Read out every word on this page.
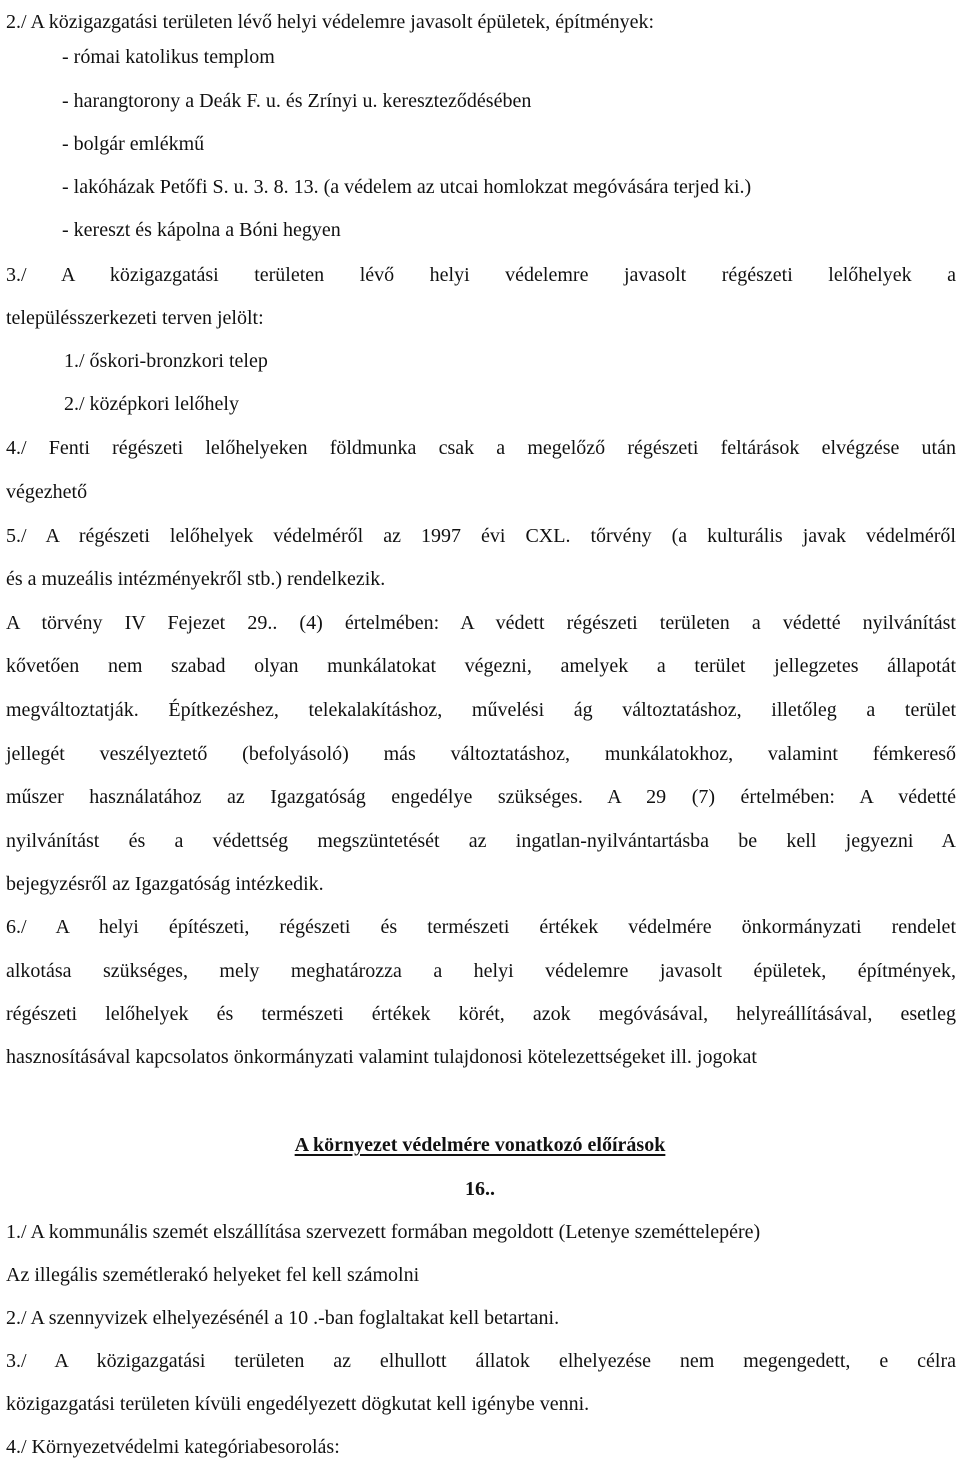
2./ A közigazgatási területen lévő helyi védelemre javasolt épületek, építmények:
- római katolikus templom
- harangtorony a Deák F. u. és Zrínyi u. kereszteződésében
- bolgár emlékmű
- lakóházak Petőfi S. u. 3. 8. 13. (a védelem az utcai homlokzat megóvására terjed ki.)
- kereszt és kápolna a Bóni hegyen
3./ A közigazgatási területen lévő helyi védelemre javasolt régészeti lelőhelyek a
településszerkezeti terven jelölt:
1./ őskori-bronzkori telep
2./ középkori lelőhely
4./ Fenti régészeti lelőhelyeken földmunka csak a megelőző régészeti feltárások elvégzése után
végezhető
5./ A régészeti lelőhelyek védelméről az 1997 évi CXL. tőrvény (a kulturális javak védelméről
és a muzeális intézményekről stb.) rendelkezik.
A törvény IV Fejezet 29.. (4) értelmében: A védett régészeti területen a védetté nyilvánítást
kővetően nem szabad olyan munkálatokat végezni, amelyek a terület jellegzetes állapotát
megváltoztatják. Építkezéshez, telekalakításhoz, művelési ág változtatáshoz, illetőleg a terület
jellegét veszélyeztető (befolyásoló) más változtatáshoz, munkálatokhoz, valamint fémkereső
műszer használatához az Igazgatóság engedélye szükséges. A 29 (7) értelmében: A védetté
nyilvánítást és a védettség megszüntetését az ingatlan-nyilvántartásba be kell jegyezni A
bejegyzésről az Igazgatóság intézkedik.
6./ A helyi építészeti, régészeti és természeti értékek védelmére önkormányzati rendelet
alkotása szükséges, mely meghatározza a helyi védelemre javasolt épületek, építmények,
régészeti lelőhelyek és természeti értékek körét, azok megóvásával, helyreállításával, esetleg
hasznosításával kapcsolatos önkormányzati valamint tulajdonosi kötelezettségeket ill. jogokat
A környezet védelmére vonatkozó előírások
16..
1./ A kommunális szemét elszállítása szervezett formában megoldott (Letenye szeméttelepére)
Az illegális szemétlerakó helyeket fel kell számolni
2./ A szennyvizek elhelyezésénél a 10 .-ban foglaltakat kell betartani.
3./ A közigazgatási területen az elhullott állatok elhelyezése nem megengedett, e célra
közigazgatási területen kívüli engedélyezett dögkutat kell igénybe venni.
4./ Környezetvédelmi kategóriabesorolás:
